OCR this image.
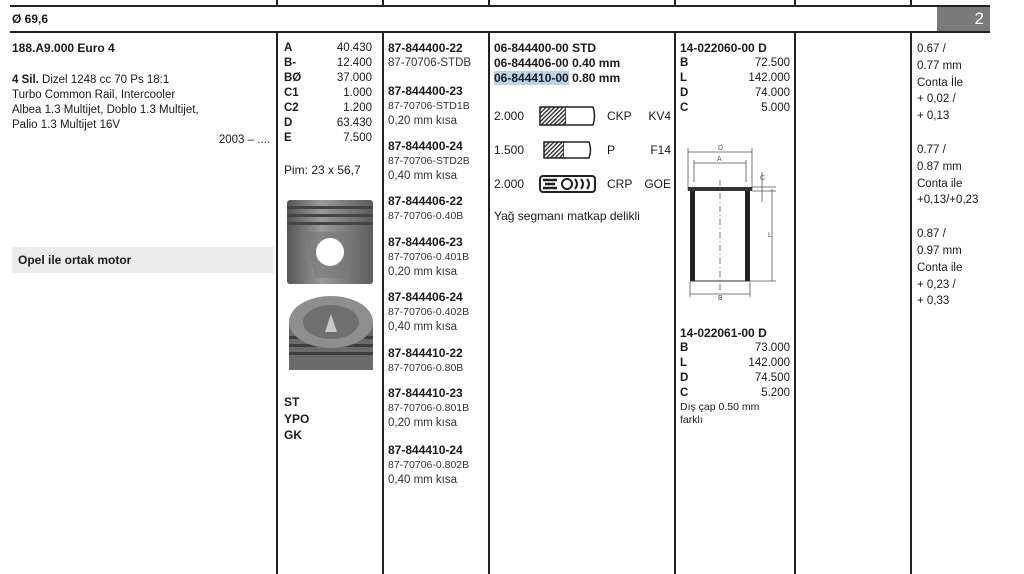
Ø 69,6	2
188.A9.000 Euro 4
4 Sil. Dizel 1248 cc 70 Ps 18:1
Turbo Common Rail, Intercooler
Albea 1.3 Multijet, Doblo 1.3 Multijet,
Palio 1.3 Multijet 16V
2003 – ....
Opel ile ortak motor
A	40.430
B-	12.400
BØ	37.000
C1	1.000
C2	1.200
D	63.430
E	7.500
Pim: 23 x 56,7
ST
YPO
GK
87-844400-22
87-70706-STDB
87-844400-23
87-70706-STD1B
0,20 mm kısa
87-844400-24
87-70706-STD2B
0,40 mm kısa
87-844406-22
87-70706-0.40B
87-844406-23
87-70706-0.401B
0,20 mm kısa
87-844406-24
87-70706-0.402B
0,40 mm kısa
87-844410-22
87-70706-0.80B
87-844410-23
87-70706-0.801B
0,20 mm kısa
87-844410-24
87-70706-0.802B
0,40 mm kısa
06-844400-00 STD
06-844406-00 0.40 mm
06-844410-00 0.80 mm
2.000	CKP	KV4
1.500	P	F14
2.000	CRP GOE
Yağ segmanı matkap delikli
14-022060-00 D
B	72.500
L	142.000
D	74.000
C	5.000
D
A
B
C
L
14-022061-00 D
B	73.000
L	142.000
D	74.500
C	5.200
Dış çap 0.50 mm
farklı
0.67 /
0.77 mm
Conta İle
+ 0,02 /
+ 0,13
0.77 /
0.87 mm
Conta ile
+0,13/+0,23
0.87 /
0.97 mm
Conta ile
+ 0,23 /
+ 0,33
